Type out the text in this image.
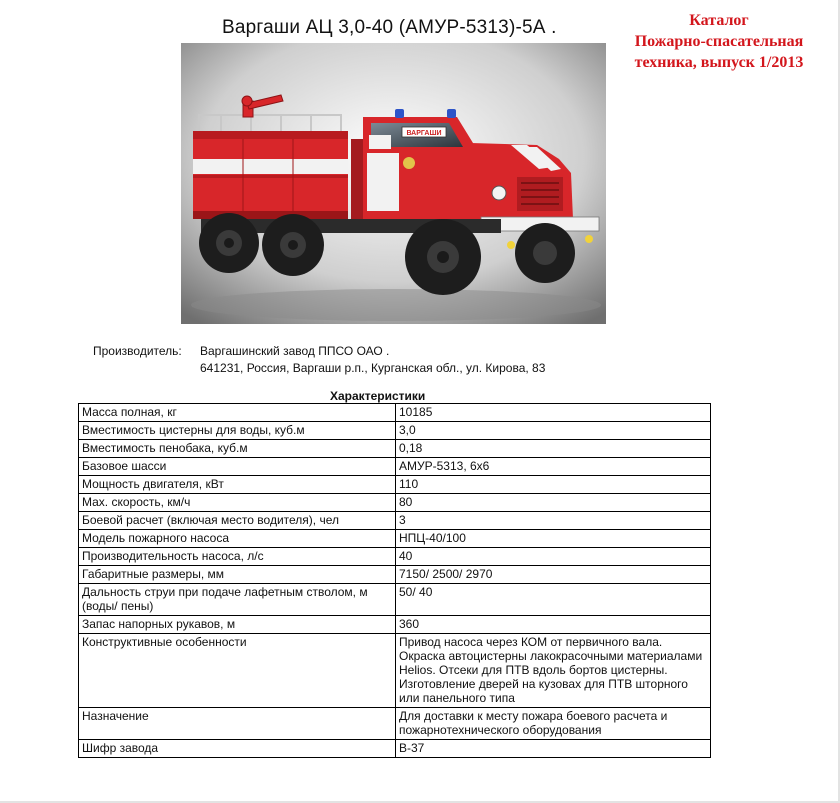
Варгаши АЦ 3,0-40 (АМУР-5313)-5А .	Каталог
Пожарно-спасательная
техника, выпуск 1/2013
ВАРГАШИ
Производитель: Варгашинский завод ППСО ОАО .
641231, Россия, Варгаши р.п., Курганская обл., ул. Кирова, 83
Характеристики
Масса полная, кг	10185
Вместимость цистерны для воды, куб.м	3,0
Вместимость пенобака, куб.м	0,18
Базовое шасси	АМУР-5313, 6х6
Мощность двигателя, кВт	110
Мах. скорость, км/ч	80
Боевой расчет (включая место водителя), чел	3
Модель пожарного насоса	НПЦ-40/100
Производительность насоса, л/с	40
Габаритные размеры, мм	7150/ 2500/ 2970
Дальность струи при подаче лафетным стволом, м (воды/ пены)	50/ 40
Запас напорных рукавов, м	360
Конструктивные особенности	Привод насоса через КОМ от первичного вала. Окраска автоцистерны лакокрасочными материалами Helios. Отсеки для ПТВ вдоль бортов цистерны. Изготовление дверей на кузовах для ПТВ шторного или панельного типа
Назначение	Для доставки к месту пожара боевого расчета и пожарнотехнического оборудования
Шифр завода	В-37
